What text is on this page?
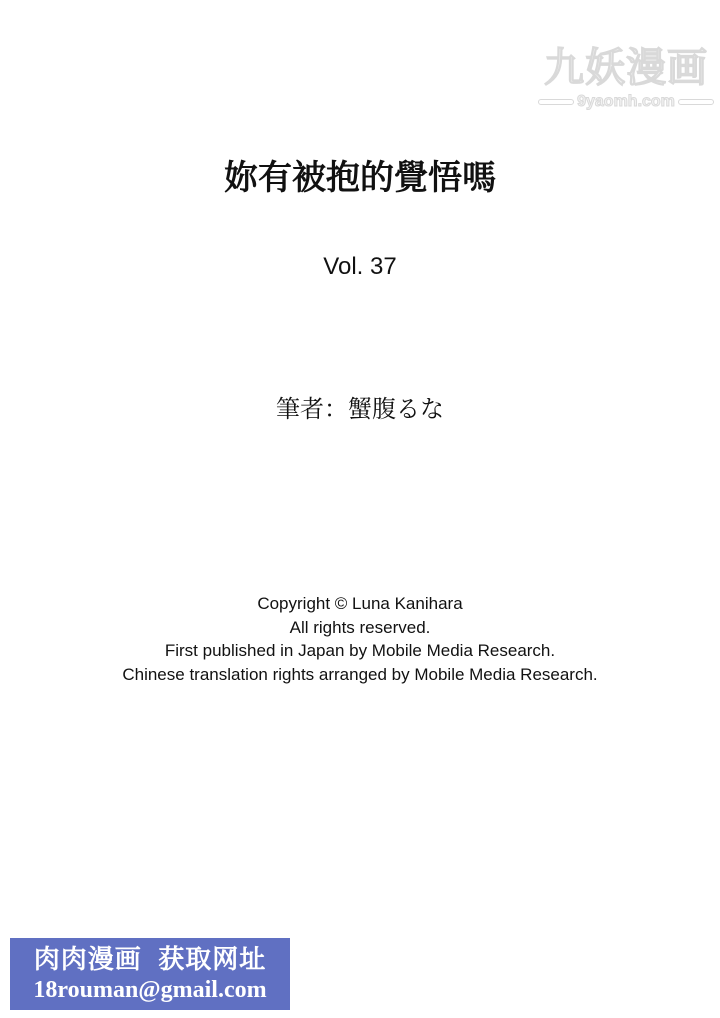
九妖漫画
9yaomh.com
妳有被抱的覺悟嗎
Vol. 37
筆者：蟹腹るな
Copyright © Luna Kanihara
All rights reserved.
First published in Japan by Mobile Media Research.
Chinese translation rights arranged by Mobile Media Research.
肉肉漫画  获取网址
18rouman@gmail.com
